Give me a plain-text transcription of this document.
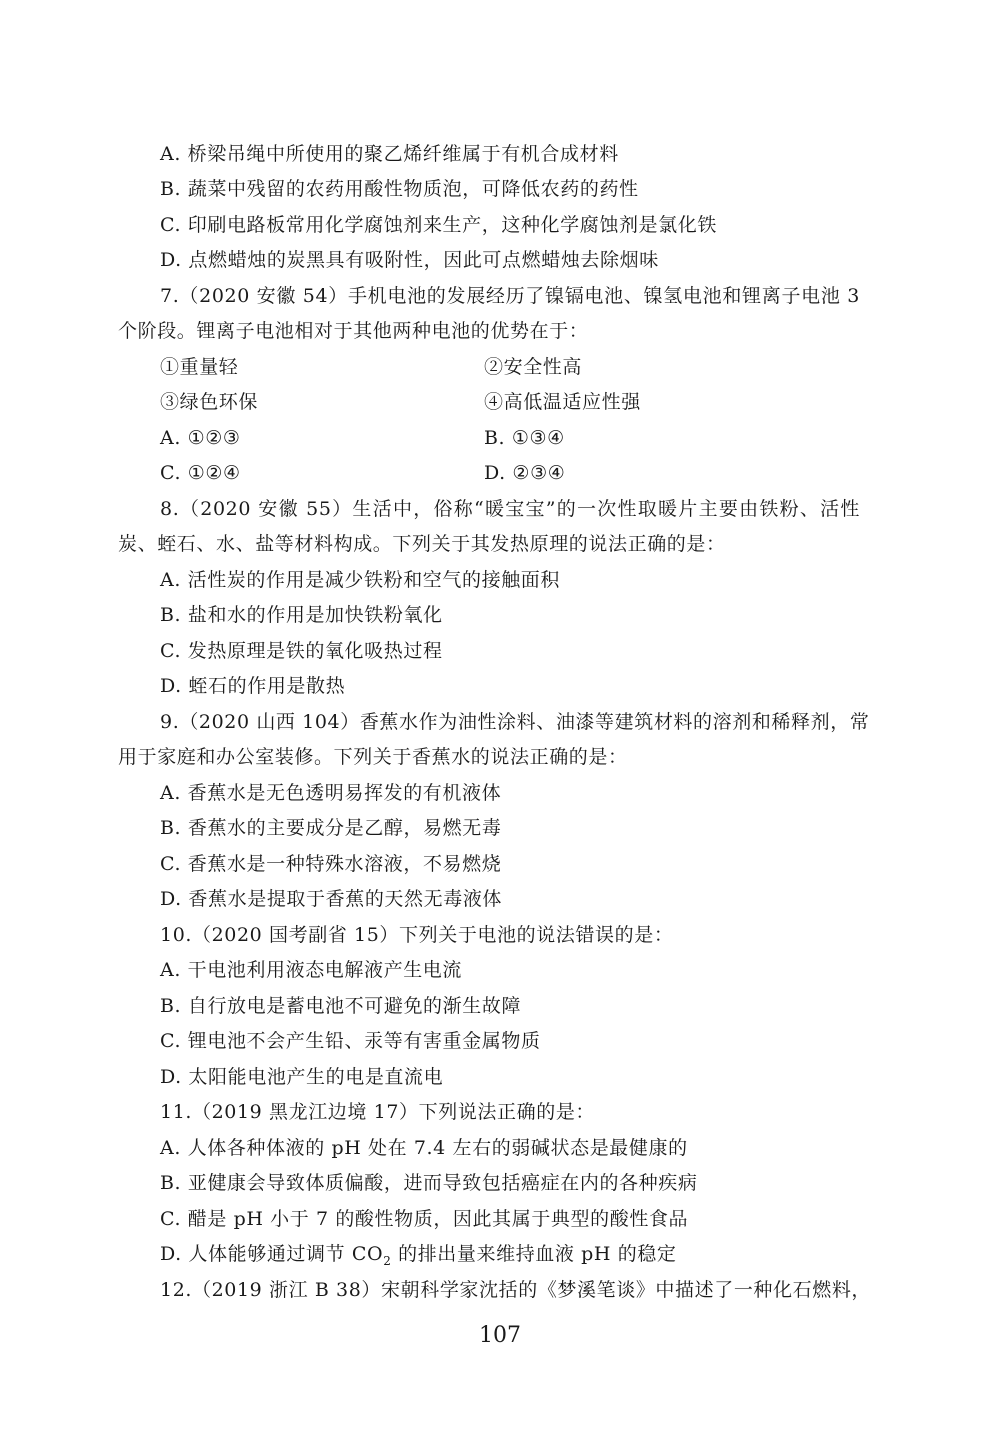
A. 桥梁吊绳中所使用的聚乙烯纤维属于有机合成材料
B. 蔬菜中残留的农药用酸性物质泡，可降低农药的药性
C. 印刷电路板常用化学腐蚀剂来生产，这种化学腐蚀剂是氯化铁
D. 点燃蜡烛的炭黑具有吸附性，因此可点燃蜡烛去除烟味
7.（2020 安徽 54）手机电池的发展经历了镍镉电池、镍氢电池和锂离子电池 3
个阶段。锂离子电池相对于其他两种电池的优势在于：
①重量轻	②安全性高
③绿色环保	④高低温适应性强
A. ①②③	B. ①③④
C. ①②④	D. ②③④
8.（2020 安徽 55）生活中，俗称“暖宝宝”的一次性取暖片主要由铁粉、活性
炭、蛭石、水、盐等材料构成。下列关于其发热原理的说法正确的是：
A. 活性炭的作用是减少铁粉和空气的接触面积
B. 盐和水的作用是加快铁粉氧化
C. 发热原理是铁的氧化吸热过程
D. 蛭石的作用是散热
9.（2020 山西 104）香蕉水作为油性涂料、油漆等建筑材料的溶剂和稀释剂，常
用于家庭和办公室装修。下列关于香蕉水的说法正确的是：
A. 香蕉水是无色透明易挥发的有机液体
B. 香蕉水的主要成分是乙醇，易燃无毒
C. 香蕉水是一种特殊水溶液，不易燃烧
D. 香蕉水是提取于香蕉的天然无毒液体
10.（2020 国考副省 15）下列关于电池的说法错误的是：
A. 干电池利用液态电解液产生电流
B. 自行放电是蓄电池不可避免的渐生故障
C. 锂电池不会产生铅、汞等有害重金属物质
D. 太阳能电池产生的电是直流电
11.（2019 黑龙江边境 17）下列说法正确的是：
A. 人体各种体液的 pH 处在 7.4 左右的弱碱状态是最健康的
B. 亚健康会导致体质偏酸，进而导致包括癌症在内的各种疾病
C. 醋是 pH 小于 7 的酸性物质，因此其属于典型的酸性食品
D. 人体能够通过调节 $CO_2$ 的排出量来维持血液 pH 的稳定
12.（2019 浙江 B 38）宋朝科学家沈括的《梦溪笔谈》中描述了一种化石燃料，
107
